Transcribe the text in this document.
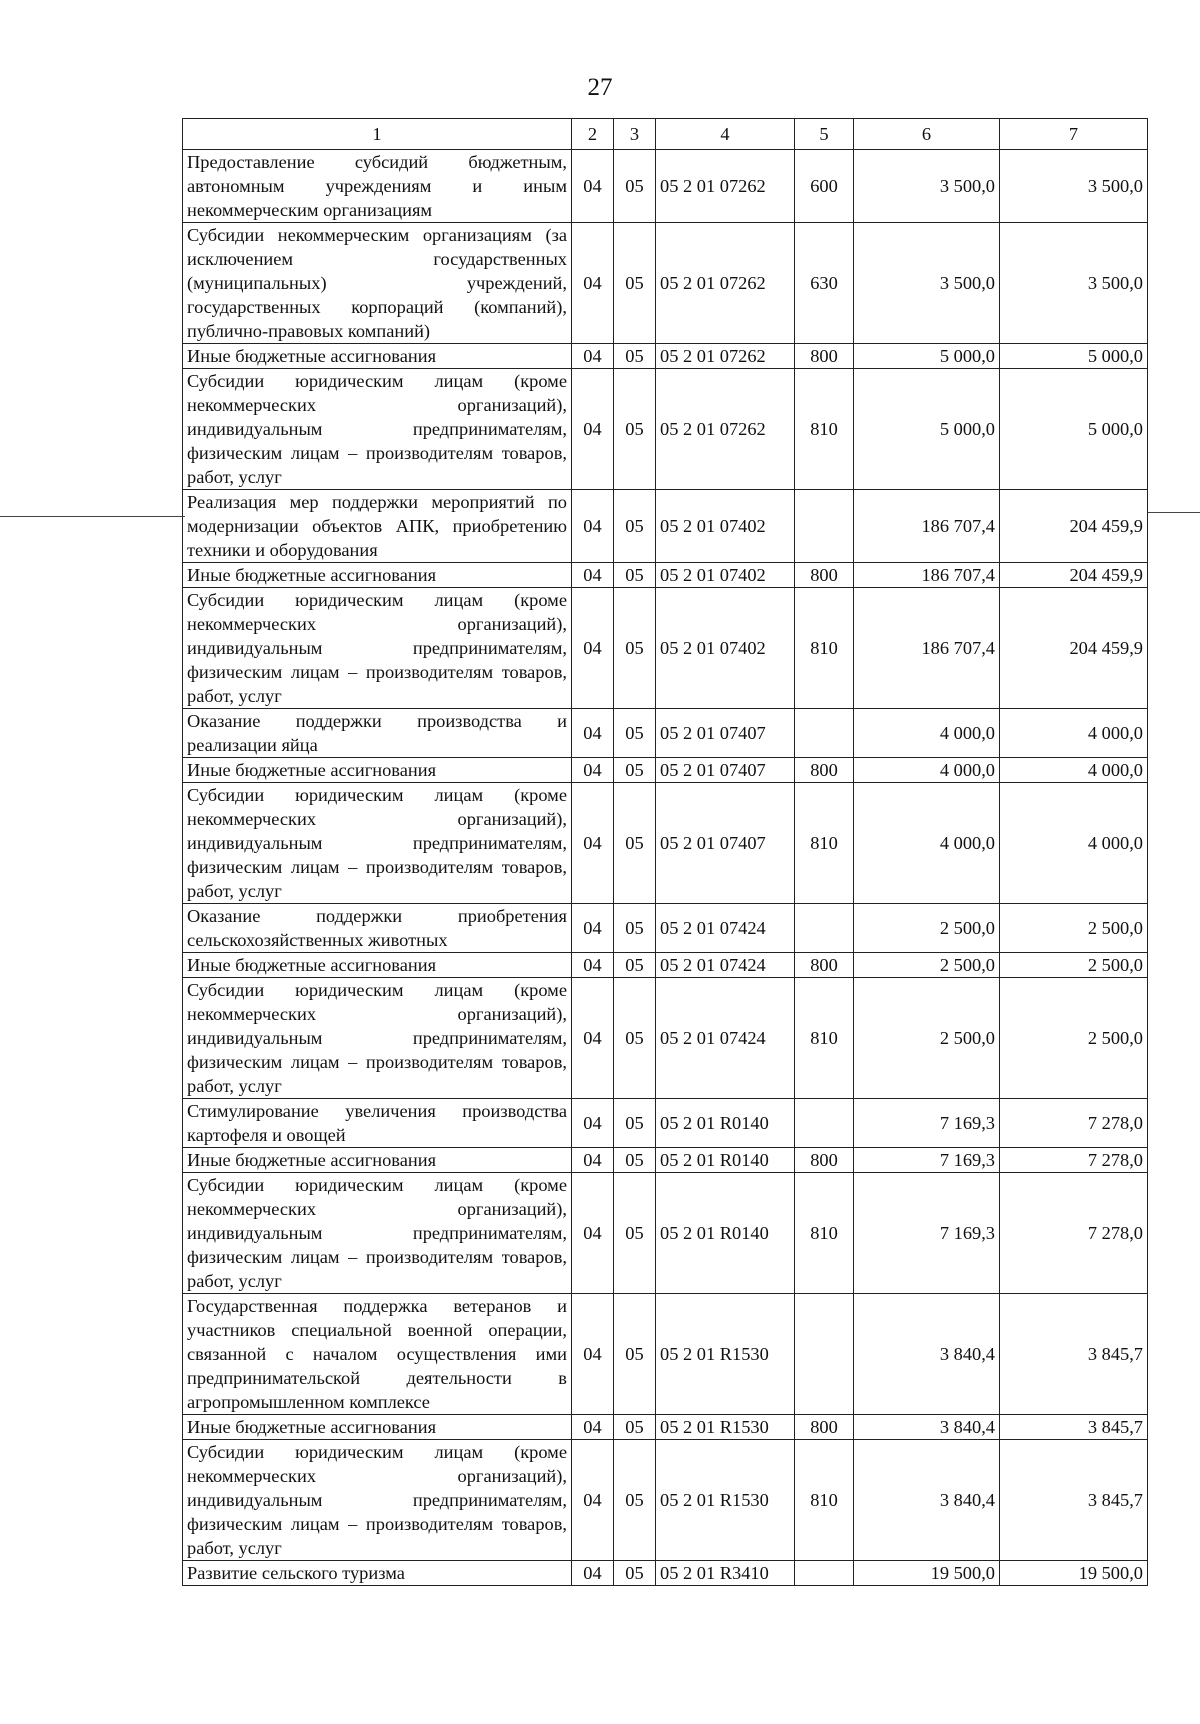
27
1	2	3	4	5	6	7
Предоставление субсидий бюджетным, автономным учреждениям и иным некоммерческим организациям	04	05	05 2 01 07262	600	3 500,0	3 500,0
Субсидии некоммерческим организациям (за исключением государственных (муниципальных) учреждений, государственных корпораций (компаний), публично-правовых компаний)	04	05	05 2 01 07262	630	3 500,0	3 500,0
Иные бюджетные ассигнования	04	05	05 2 01 07262	800	5 000,0	5 000,0
Субсидии юридическим лицам (кроме некоммерческих организаций), индивидуальным предпринимателям, физическим лицам – производителям товаров, работ, услуг	04	05	05 2 01 07262	810	5 000,0	5 000,0
Реализация мер поддержки мероприятий по модернизации объектов АПК, приобретению техники и оборудования	04	05	05 2 01 07402		186 707,4	204 459,9
Иные бюджетные ассигнования	04	05	05 2 01 07402	800	186 707,4	204 459,9
Субсидии юридическим лицам (кроме некоммерческих организаций), индивидуальным предпринимателям, физическим лицам – производителям товаров, работ, услуг	04	05	05 2 01 07402	810	186 707,4	204 459,9
Оказание поддержки производства и реализации яйца	04	05	05 2 01 07407		4 000,0	4 000,0
Иные бюджетные ассигнования	04	05	05 2 01 07407	800	4 000,0	4 000,0
Субсидии юридическим лицам (кроме некоммерческих организаций), индивидуальным предпринимателям, физическим лицам – производителям товаров, работ, услуг	04	05	05 2 01 07407	810	4 000,0	4 000,0
Оказание поддержки приобретения сельскохозяйственных животных	04	05	05 2 01 07424		2 500,0	2 500,0
Иные бюджетные ассигнования	04	05	05 2 01 07424	800	2 500,0	2 500,0
Субсидии юридическим лицам (кроме некоммерческих организаций), индивидуальным предпринимателям, физическим лицам – производителям товаров, работ, услуг	04	05	05 2 01 07424	810	2 500,0	2 500,0
Стимулирование увеличения производства картофеля и овощей	04	05	05 2 01 R0140		7 169,3	7 278,0
Иные бюджетные ассигнования	04	05	05 2 01 R0140	800	7 169,3	7 278,0
Субсидии юридическим лицам (кроме некоммерческих организаций), индивидуальным предпринимателям, физическим лицам – производителям товаров, работ, услуг	04	05	05 2 01 R0140	810	7 169,3	7 278,0
Государственная поддержка ветеранов и участников специальной военной операции, связанной с началом осуществления ими предпринимательской деятельности в агропромышленном комплексе	04	05	05 2 01 R1530		3 840,4	3 845,7
Иные бюджетные ассигнования	04	05	05 2 01 R1530	800	3 840,4	3 845,7
Субсидии юридическим лицам (кроме некоммерческих организаций), индивидуальным предпринимателям, физическим лицам – производителям товаров, работ, услуг	04	05	05 2 01 R1530	810	3 840,4	3 845,7
Развитие сельского туризма	04	05	05 2 01 R3410		19 500,0	19 500,0
